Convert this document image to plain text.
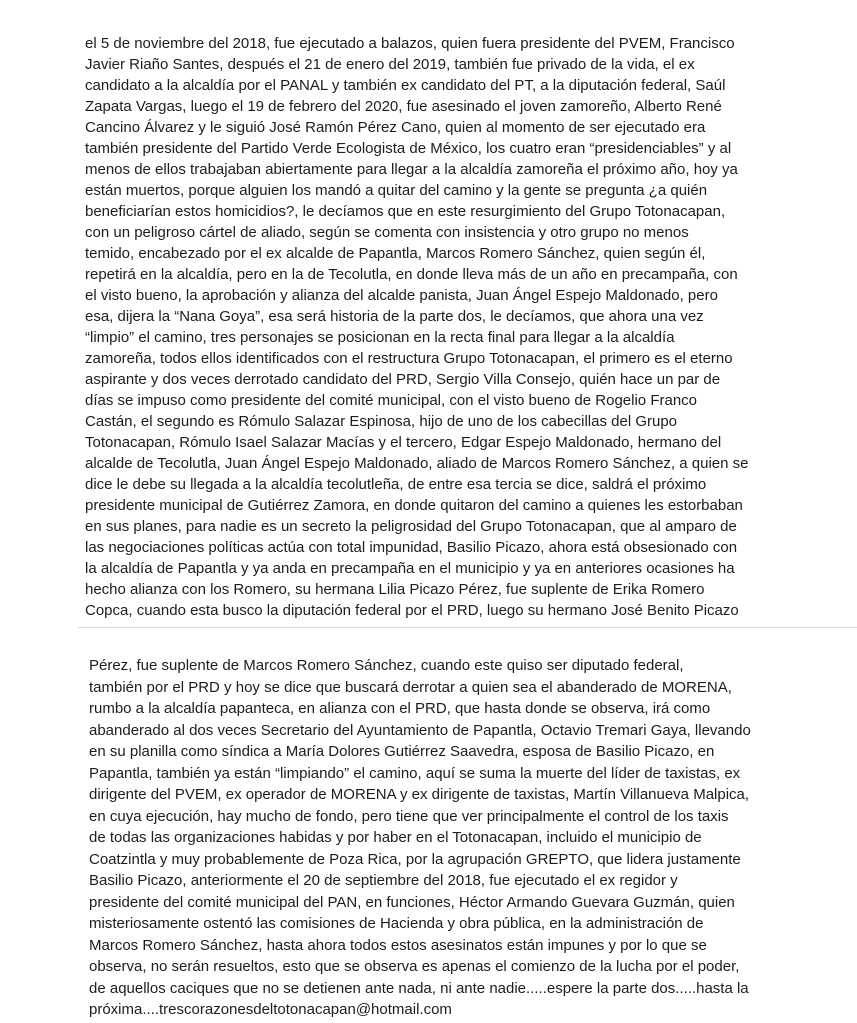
el 5 de noviembre del 2018, fue ejecutado a balazos, quien fuera presidente del PVEM, Francisco
Javier Riaño Santes, después el 21 de enero del 2019, también fue privado de la vida, el ex
candidato a la alcaldía por el PANAL y también ex candidato del PT, a la diputación federal, Saúl
Zapata Vargas, luego el 19 de febrero del 2020, fue asesinado el joven zamoreño, Alberto René
Cancino Álvarez y le siguió José Ramón Pérez Cano, quien al momento de ser ejecutado era
también presidente del Partido Verde Ecologista de México, los cuatro eran “presidenciables” y al
menos de ellos trabajaban abiertamente para llegar a la alcaldía zamoreña el próximo año, hoy ya
están muertos, porque alguien los mandó a quitar del camino y la gente se pregunta ¿a quién
beneficiarían estos homicidios?, le decíamos que en este resurgimiento del Grupo Totonacapan,
con un peligroso cártel de aliado, según se comenta con insistencia y otro grupo no menos
temido, encabezado por el ex alcalde de Papantla, Marcos Romero Sánchez, quien según él,
repetirá en la alcaldía, pero en la de Tecolutla, en donde lleva más de un año en precampaña, con
el visto bueno, la aprobación y alianza del alcalde panista, Juan Ángel Espejo Maldonado, pero
esa, dijera la “Nana Goya”, esa será historia de la parte dos, le decíamos, que ahora una vez
“limpio” el camino, tres personajes se posicionan en la recta final para llegar a la alcaldía
zamoreña, todos ellos identificados con el restructura Grupo Totonacapan, el primero es el eterno
aspirante y dos veces derrotado candidato del PRD, Sergio Villa Consejo, quién hace un par de
días se impuso como presidente del comité municipal, con el visto bueno de Rogelio Franco
Castán, el segundo es Rómulo Salazar Espinosa, hijo de uno de los cabecillas del Grupo
Totonacapan, Rómulo Isael Salazar Macías y el tercero, Edgar Espejo Maldonado, hermano del
alcalde de Tecolutla, Juan Ángel Espejo Maldonado, aliado de Marcos Romero Sánchez, a quien se
dice le debe su llegada a la alcaldía tecolutleña, de entre esa tercia se dice, saldrá el próximo
presidente municipal de Gutiérrez Zamora, en donde quitaron del camino a quienes les estorbaban
en sus planes, para nadie es un secreto la peligrosidad del Grupo Totonacapan, que al amparo de
las negociaciones políticas actúa con total impunidad, Basilio Picazo, ahora está obsesionado con
la alcaldía de Papantla y ya anda en precampaña en el municipio y ya en anteriores ocasiones ha
hecho alianza con los Romero, su hermana Lilia Picazo Pérez, fue suplente de Erika Romero
Copca, cuando esta busco la diputación federal por el PRD, luego su hermano José Benito Picazo
Pérez, fue suplente de Marcos Romero Sánchez, cuando este quiso ser diputado federal,
también por el PRD y hoy se dice que buscará derrotar a quien sea el abanderado de MORENA,
rumbo a la alcaldía papanteca, en alianza con el PRD, que hasta donde se observa, irá como
abanderado al dos veces Secretario del Ayuntamiento de Papantla, Octavio Tremari Gaya, llevando
en su planilla como síndica a María Dolores Gutiérrez Saavedra, esposa de Basilio Picazo, en
Papantla, también ya están “limpiando” el camino, aquí se suma la muerte del líder de taxistas, ex
dirigente del PVEM, ex operador de MORENA y ex dirigente de taxistas, Martín Villanueva Malpica,
en cuya ejecución, hay mucho de fondo, pero tiene que ver principalmente el control de los taxis
de todas las organizaciones habidas y por haber en el Totonacapan, incluido el municipio de
Coatzintla y muy probablemente de Poza Rica, por la agrupación GREPTO, que lidera justamente
Basilio Picazo, anteriormente el 20 de septiembre del 2018, fue ejecutado el ex regidor y
presidente del comité municipal del PAN, en funciones, Héctor Armando Guevara Guzmán, quien
misteriosamente ostentó las comisiones de Hacienda y obra pública, en la administración de
Marcos Romero Sánchez, hasta ahora todos estos asesinatos están impunes y por lo que se
observa, no serán resueltos, esto que se observa es apenas el comienzo de la lucha por el poder,
de aquellos caciques que no se detienen ante nada, ni ante nadie.....espere la parte dos.....hasta la
próxima....trescorazonesdeltotonacapan@hotmail.com
